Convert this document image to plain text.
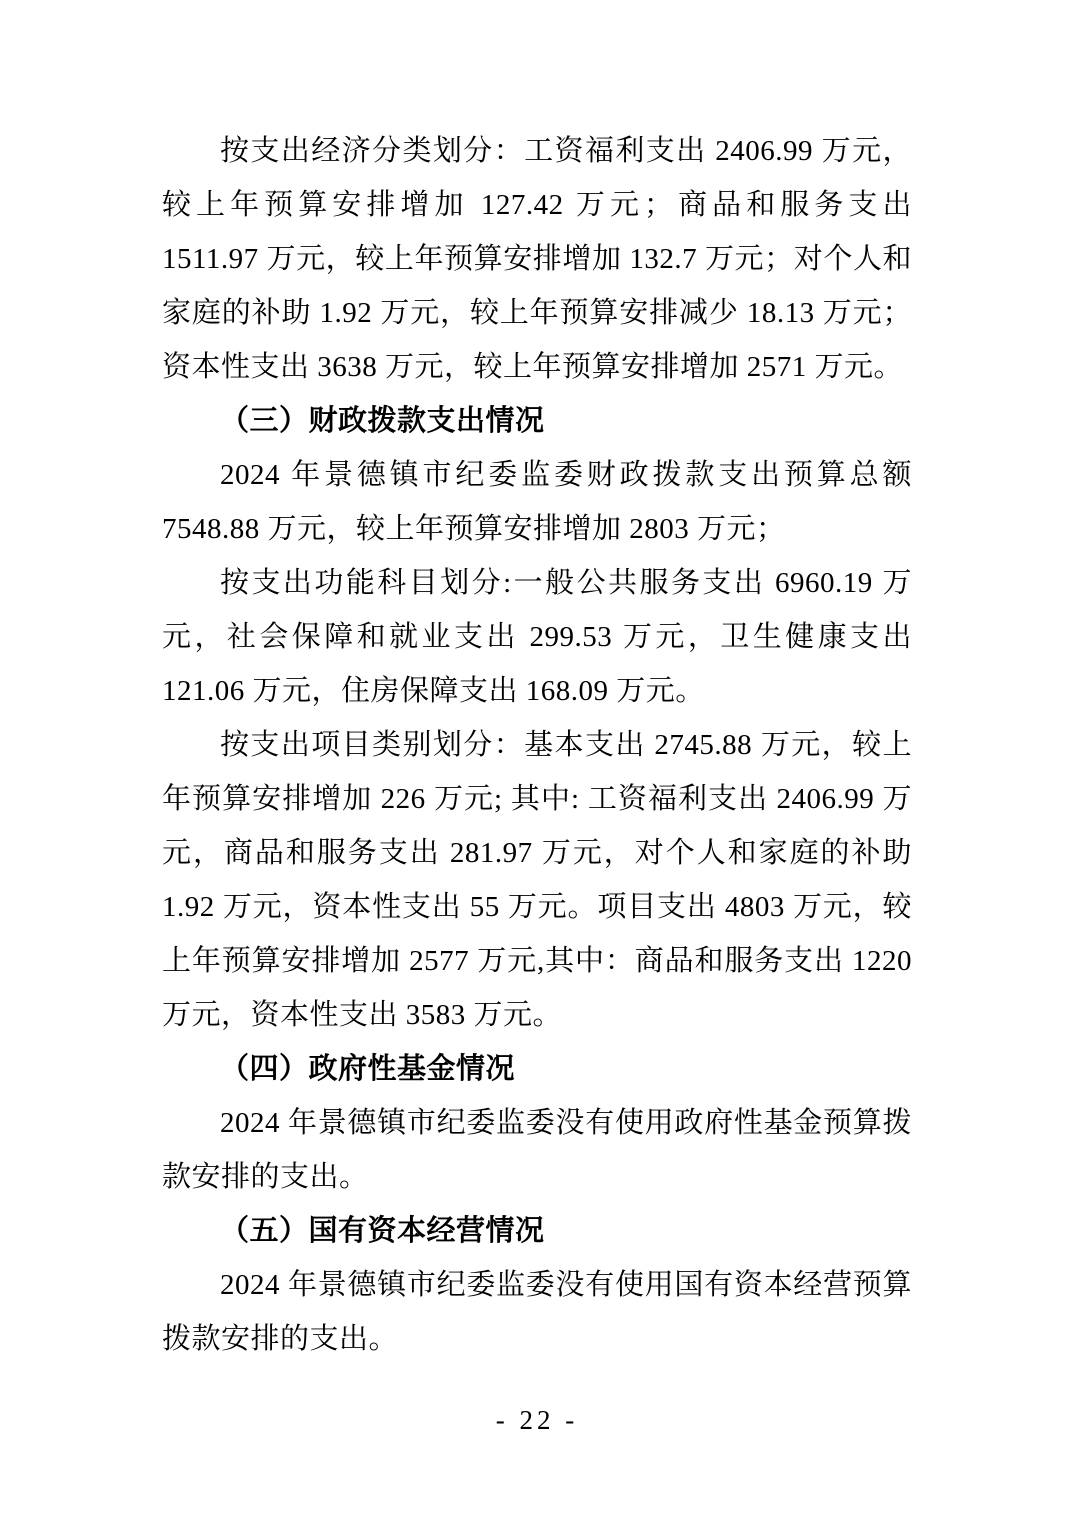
按支出经济分类划分：工资福利支出 2406.99 万元，较上年预算安排增加 127.42 万元；商品和服务支出 1511.97 万元，较上年预算安排增加 132.7 万元；对个人和家庭的补助 1.92 万元，较上年预算安排减少 18.13 万元；资本性支出 3638 万元，较上年预算安排增加 2571 万元。

（三）财政拨款支出情况

2024 年景德镇市纪委监委财政拨款支出预算总额 7548.88 万元，较上年预算安排增加 2803 万元；

按支出功能科目划分:一般公共服务支出 6960.19 万元，社会保障和就业支出 299.53 万元，卫生健康支出 121.06 万元，住房保障支出 168.09 万元。

按支出项目类别划分：基本支出 2745.88 万元，较上年预算安排增加 226 万元; 其中: 工资福利支出 2406.99 万元，商品和服务支出 281.97 万元，对个人和家庭的补助 1.92 万元，资本性支出 55 万元。项目支出 4803 万元，较上年预算安排增加 2577 万元,其中：商品和服务支出 1220 万元，资本性支出 3583 万元。

（四）政府性基金情况

2024 年景德镇市纪委监委没有使用政府性基金预算拨款安排的支出。

（五）国有资本经营情况

2024 年景德镇市纪委监委没有使用国有资本经营预算拨款安排的支出。

- 22 -
